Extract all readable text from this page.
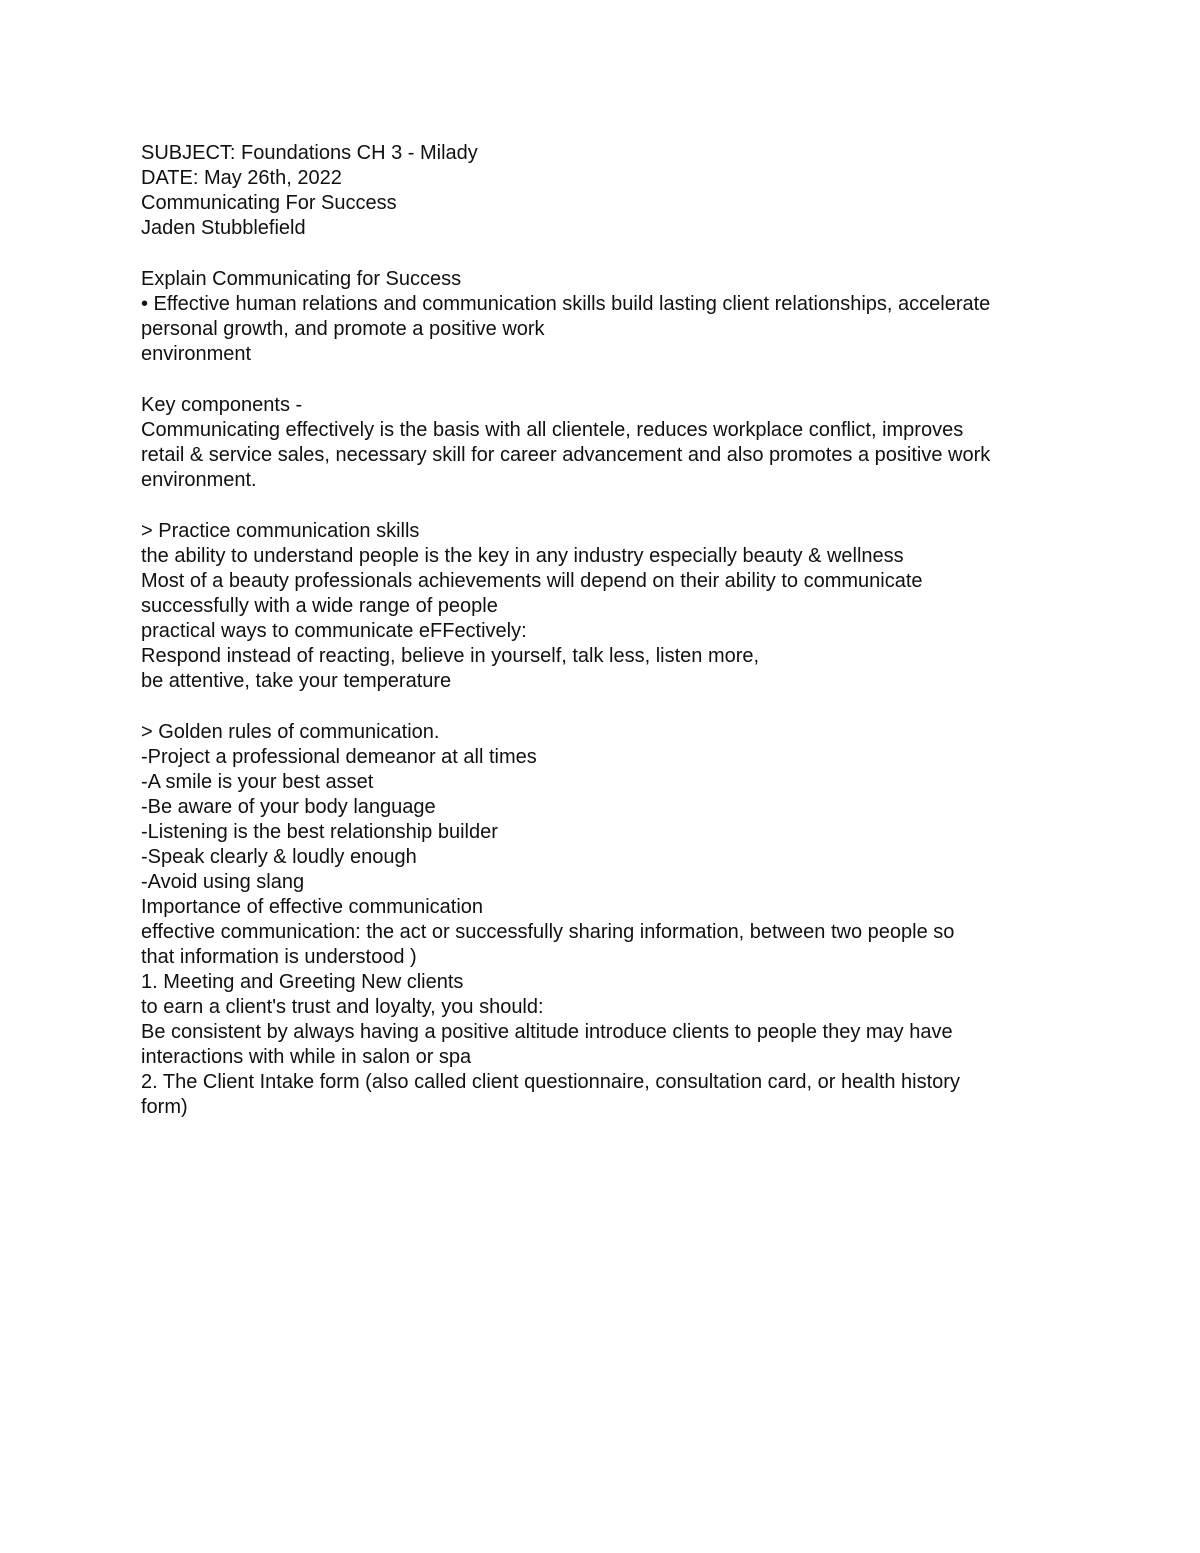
SUBJECT: Foundations CH 3 - Milady
DATE: May 26th, 2022
Communicating For Success
Jaden Stubblefield
Explain Communicating for Success
• Effective human relations and communication skills build lasting client relationships, accelerate
personal growth, and promote a positive work
environment
Key components -
Communicating effectively is the basis with all clientele, reduces workplace conflict, improves
retail & service sales, necessary skill for career advancement and also promotes a positive work
environment.
> Practice communication skills
the ability to understand people is the key in any industry especially beauty & wellness
Most of a beauty professionals achievements will depend on their ability to communicate
successfully with a wide range of people
practical ways to communicate eFFectively:
Respond instead of reacting, believe in yourself, talk less, listen more,
be attentive, take your temperature
> Golden rules of communication.
-Project a professional demeanor at all times
-A smile is your best asset
-Be aware of your body language
-Listening is the best relationship builder
-Speak clearly & loudly enough
-Avoid using slang
Importance of effective communication
effective communication: the act or successfully sharing information, between two people so
that information is understood )
1. Meeting and Greeting New clients
to earn a client's trust and loyalty, you should:
Be consistent by always having a positive altitude introduce clients to people they may have
interactions with while in salon or spa
2. The Client Intake form (also called client questionnaire, consultation card, or health history
form)
